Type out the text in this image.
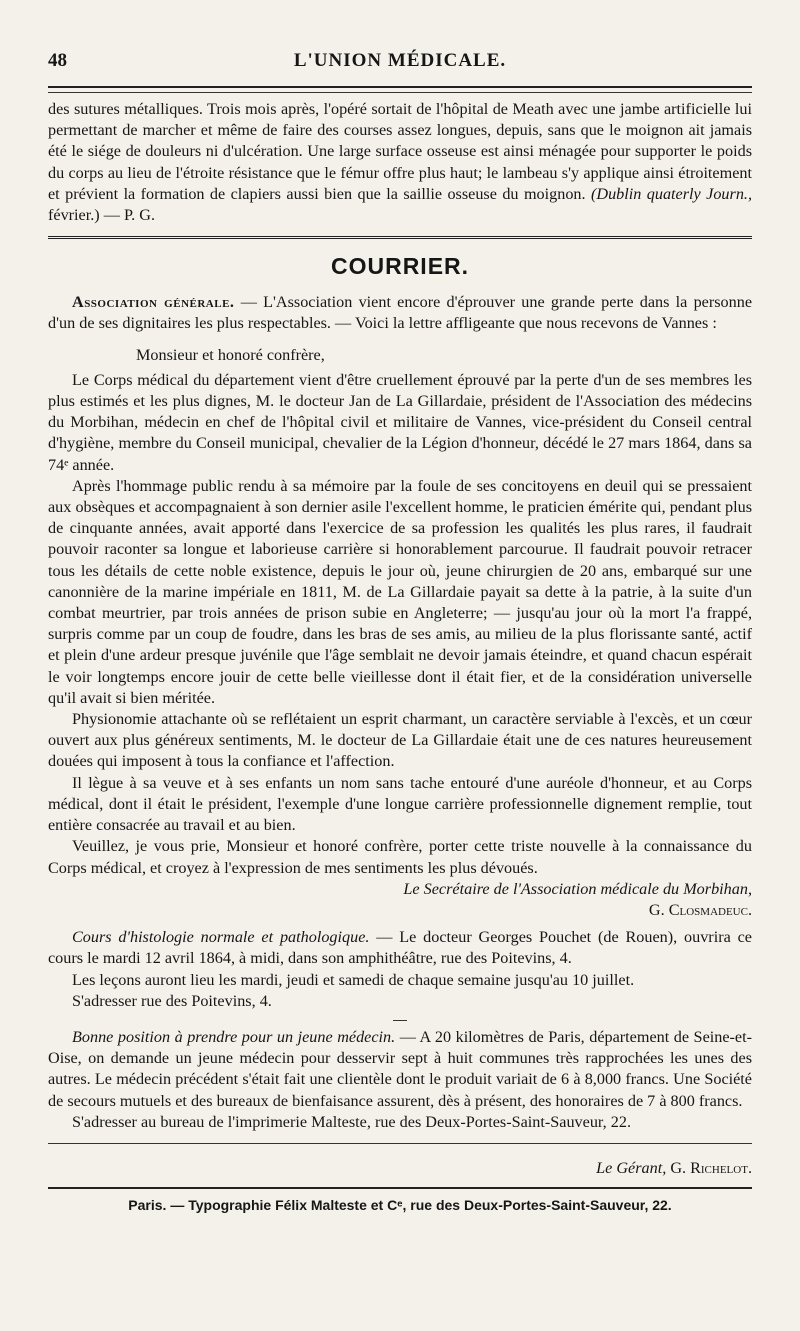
48	L'UNION MÉDICALE.

des sutures métalliques. Trois mois après, l'opéré sortait de l'hôpital de Meath avec une jambe artificielle lui permettant de marcher et même de faire des courses assez longues, depuis, sans que le moignon ait jamais été le siége de douleurs ni d'ulcération. Une large surface osseuse est ainsi ménagée pour supporter le poids du corps au lieu de l'étroite résistance que le fémur offre plus haut; le lambeau s'y applique ainsi étroitement et prévient la formation de clapiers aussi bien que la saillie osseuse du moignon. (Dublin quaterly Journ., février.) — P. G.

COURRIER.

Association générale. — L'Association vient encore d'éprouver une grande perte dans la personne d'un de ses dignitaires les plus respectables. — Voici la lettre affligeante que nous recevons de Vannes :

Monsieur et honoré confrère,

Le Corps médical du département vient d'être cruellement éprouvé par la perte d'un de ses membres les plus estimés et les plus dignes, M. le docteur Jan de La Gillardaie, président de l'Association des médecins du Morbihan, médecin en chef de l'hôpital civil et militaire de Vannes, vice-président du Conseil central d'hygiène, membre du Conseil municipal, chevalier de la Légion d'honneur, décédé le 27 mars 1864, dans sa 74ᵉ année.

Après l'hommage public rendu à sa mémoire par la foule de ses concitoyens en deuil qui se pressaient aux obsèques et accompagnaient à son dernier asile l'excellent homme, le praticien émérite qui, pendant plus de cinquante années, avait apporté dans l'exercice de sa profession les qualités les plus rares, il faudrait pouvoir raconter sa longue et laborieuse carrière si honorablement parcourue. Il faudrait pouvoir retracer tous les détails de cette noble existence, depuis le jour où, jeune chirurgien de 20 ans, embarqué sur une canonnière de la marine impériale en 1811, M. de La Gillardaie payait sa dette à la patrie, à la suite d'un combat meurtrier, par trois années de prison subie en Angleterre; — jusqu'au jour où la mort l'a frappé, surpris comme par un coup de foudre, dans les bras de ses amis, au milieu de la plus florissante santé, actif et plein d'une ardeur presque juvénile que l'âge semblait ne devoir jamais éteindre, et quand chacun espérait le voir longtemps encore jouir de cette belle vieillesse dont il était fier, et de la considération universelle qu'il avait si bien méritée.

Physionomie attachante où se reflétaient un esprit charmant, un caractère serviable à l'excès, et un cœur ouvert aux plus généreux sentiments, M. le docteur de La Gillardaie était une de ces natures heureusement douées qui imposent à tous la confiance et l'affection.

Il lègue à sa veuve et à ses enfants un nom sans tache entouré d'une auréole d'honneur, et au Corps médical, dont il était le président, l'exemple d'une longue carrière professionnelle dignement remplie, tout entière consacrée au travail et au bien.

Veuillez, je vous prie, Monsieur et honoré confrère, porter cette triste nouvelle à la connaissance du Corps médical, et croyez à l'expression de mes sentiments les plus dévoués.

Le Secrétaire de l'Association médicale du Morbihan,

G. Closmadeuc.

Cours d'histologie normale et pathologique. — Le docteur Georges Pouchet (de Rouen), ouvrira ce cours le mardi 12 avril 1864, à midi, dans son amphithéâtre, rue des Poitevins, 4.

Les leçons auront lieu les mardi, jeudi et samedi de chaque semaine jusqu'au 10 juillet.

S'adresser rue des Poitevins, 4.

Bonne position à prendre pour un jeune médecin. — A 20 kilomètres de Paris, département de Seine-et-Oise, on demande un jeune médecin pour desservir sept à huit communes très rapprochées les unes des autres. Le médecin précédent s'était fait une clientèle dont le produit variait de 6 à 8,000 francs. Une Société de secours mutuels et des bureaux de bienfaisance assurent, dès à présent, des honoraires de 7 à 800 francs.

S'adresser au bureau de l'imprimerie Malteste, rue des Deux-Portes-Saint-Sauveur, 22.

Le Gérant, G. Richelot.

Paris. — Typographie Félix Malteste et Cᵉ, rue des Deux-Portes-Saint-Sauveur, 22.
